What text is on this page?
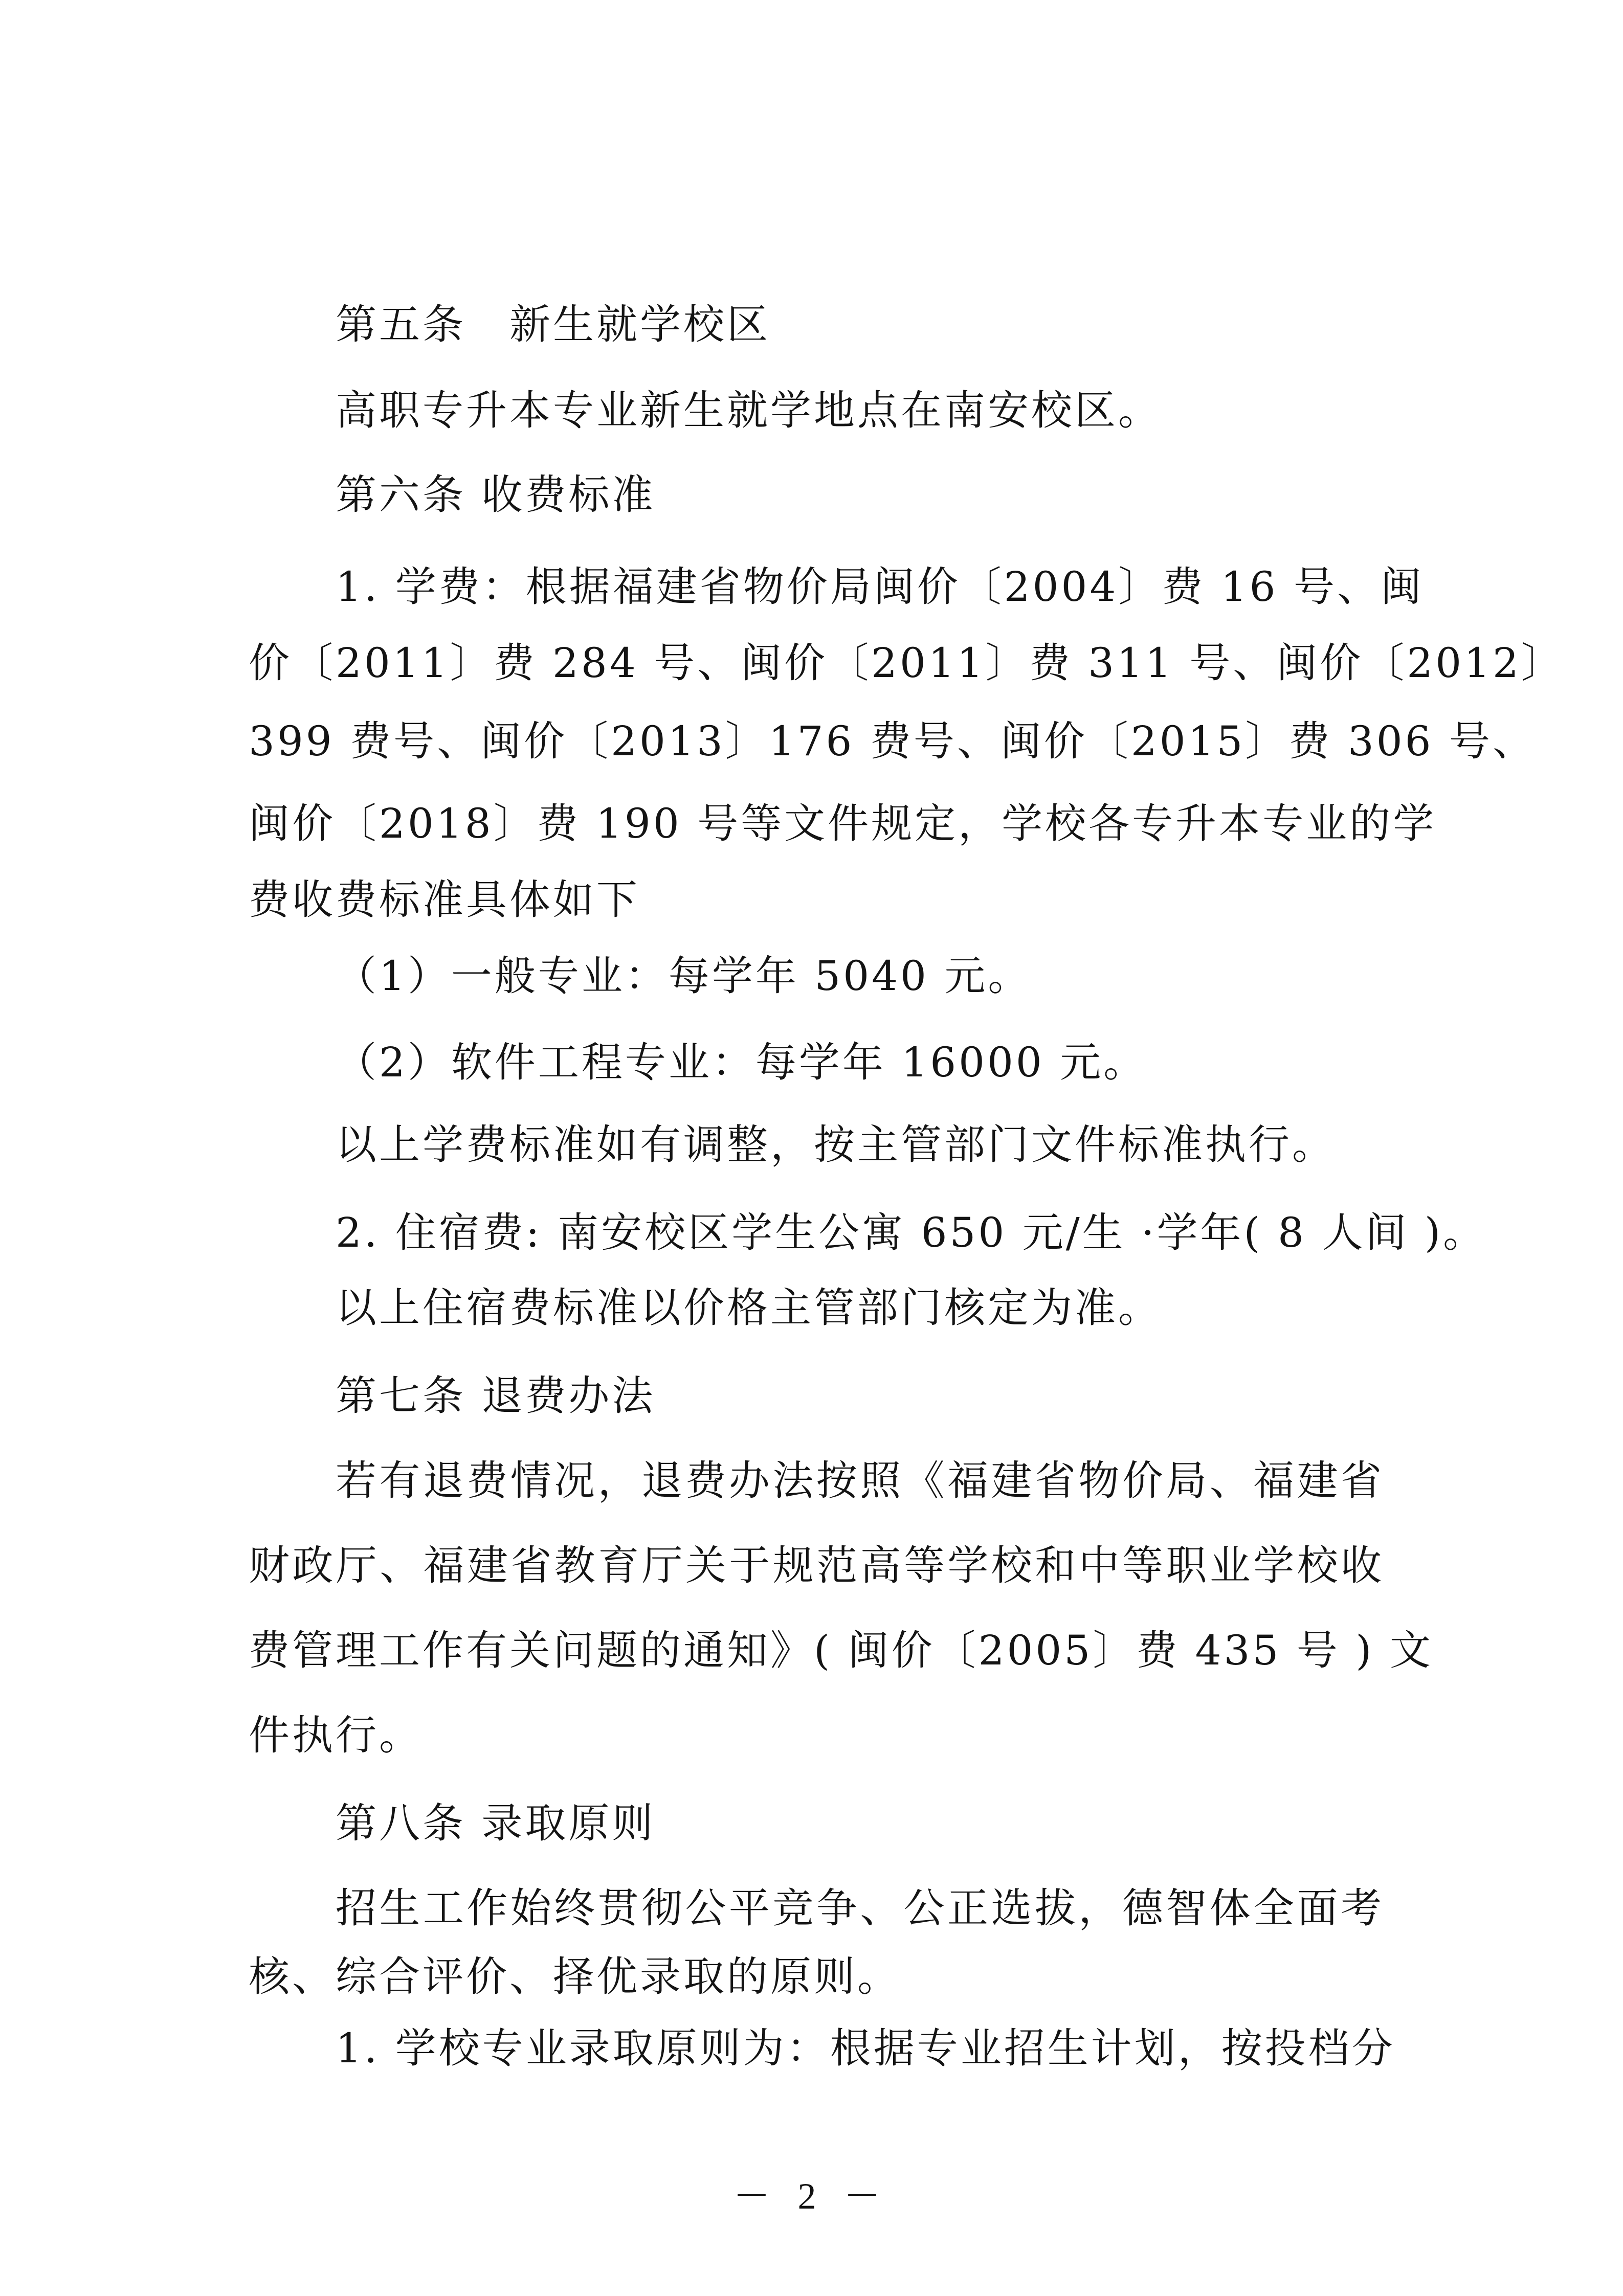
第五条　新生就学校区
高职专升本专业新生就学地点在南安校区。
第六条 收费标准
1. 学费：根据福建省物价局闽价〔2004〕费 16 号、闽
价〔2011〕费 284 号、闽价〔2011〕费 311 号、闽价〔2012〕
399 费号、闽价〔2013〕176 费号、闽价〔2015〕费 306 号、
闽价〔2018〕费 190 号等文件规定，学校各专升本专业的学
费收费标准具体如下
（1）一般专业：每学年 5040 元。
（2）软件工程专业：每学年 16000 元。
以上学费标准如有调整，按主管部门文件标准执行。
2. 住宿费: 南安校区学生公寓 650 元/生 ·学年( 8 人间 )。
以上住宿费标准以价格主管部门核定为准。
第七条 退费办法
若有退费情况，退费办法按照《福建省物价局、福建省
财政厅、福建省教育厅关于规范高等学校和中等职业学校收
费管理工作有关问题的通知》( 闽价〔2005〕费 435 号 ) 文
件执行。
第八条 录取原则
招生工作始终贯彻公平竞争、公正选拔，德智体全面考
核、综合评价、择优录取的原则。
1. 学校专业录取原则为：根据专业招生计划，按投档分
－ 2 －
